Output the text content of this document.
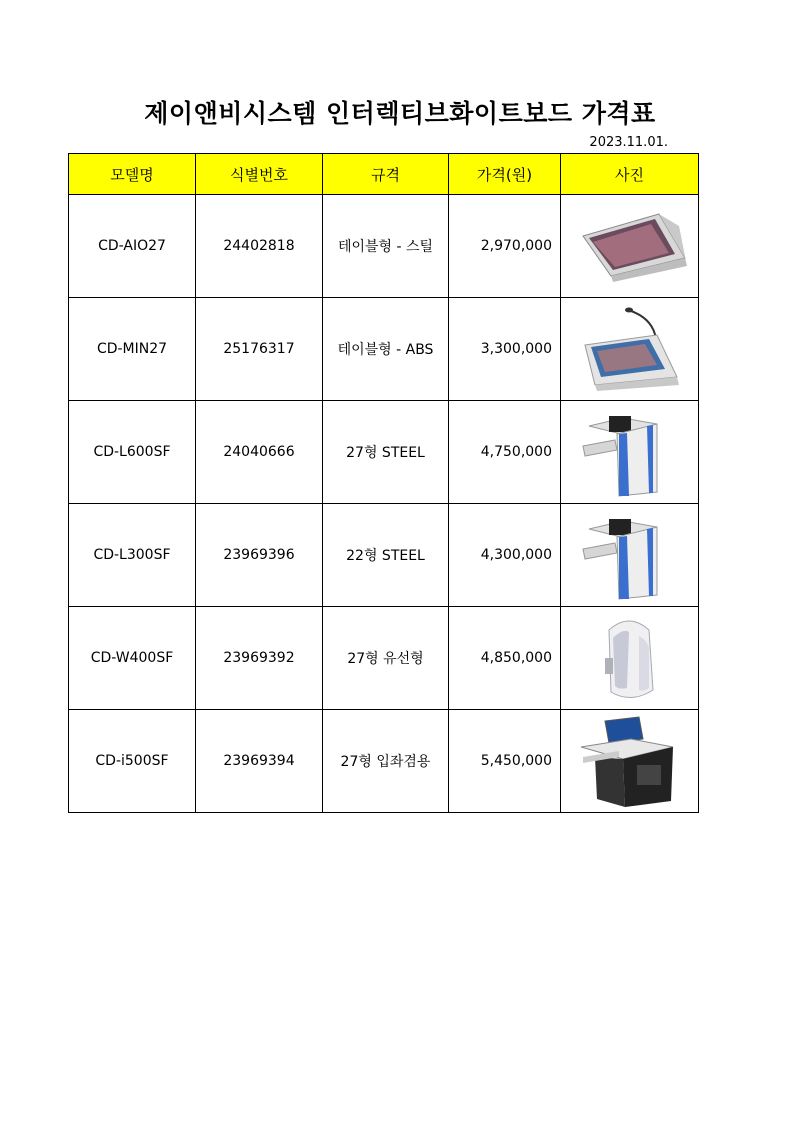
제이앤비시스템 인터렉티브화이트보드 가격표
2023.11.01.
모델명	식별번호	규격	가격(원)	사진
CD-AIO27	24402818	테이블형 - 스틸	2,970,000	

CD-MIN27	25176317	테이블형 - ABS	3,300,000	

CD-L600SF	24040666	27형 STEEL	4,750,000	

CD-L300SF	23969396	22형 STEEL	4,300,000	

CD-W400SF	23969392	27형 유선형	4,850,000	

CD-i500SF	23969394	27형 입좌겸용	5,450,000	
